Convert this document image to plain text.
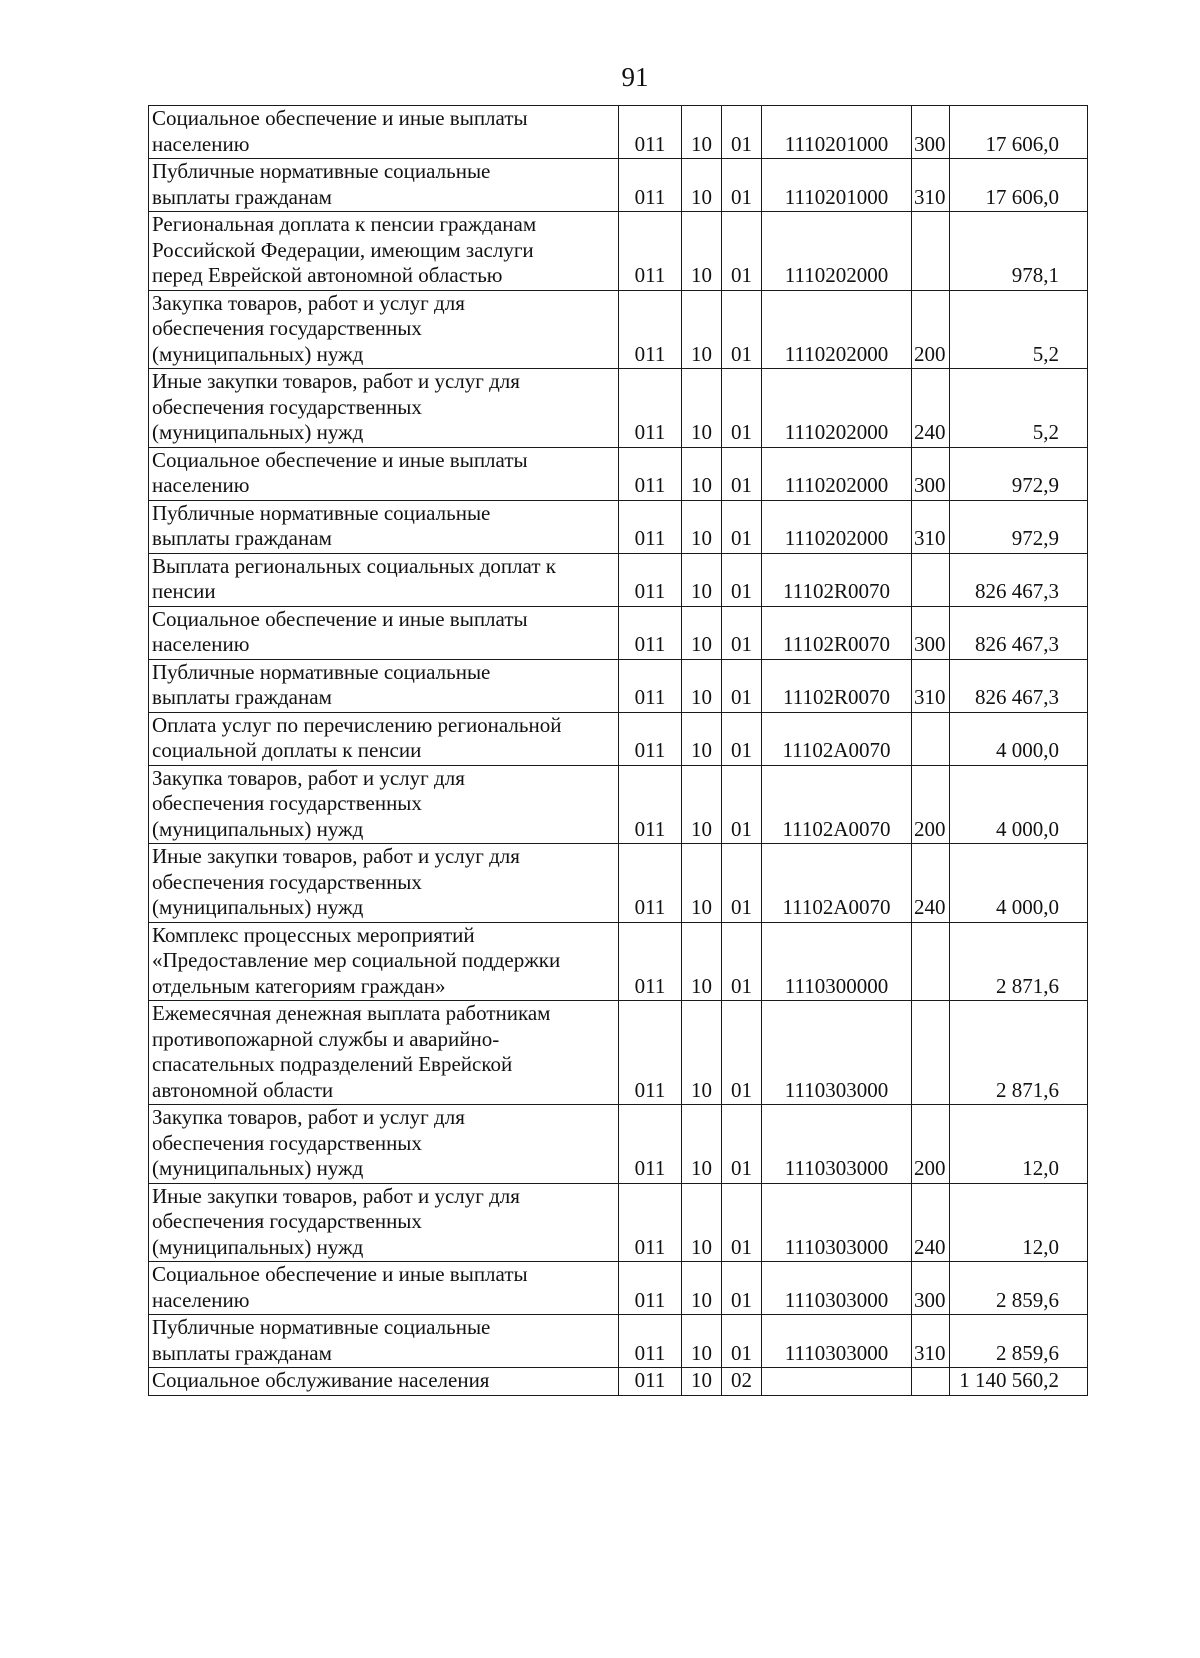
91
Социальное обеспечение и иные выплаты
населению	011	10	01	1110201000	300	17 606,0
Публичные нормативные социальные
выплаты гражданам	011	10	01	1110201000	310	17 606,0
Региональная доплата к пенсии гражданам
Российской Федерации, имеющим заслуги
перед Еврейской автономной областью	011	10	01	1110202000		978,1
Закупка товаров, работ и услуг для
обеспечения государственных
(муниципальных) нужд	011	10	01	1110202000	200	5,2
Иные закупки товаров, работ и услуг для
обеспечения государственных
(муниципальных) нужд	011	10	01	1110202000	240	5,2
Социальное обеспечение и иные выплаты
населению	011	10	01	1110202000	300	972,9
Публичные нормативные социальные
выплаты гражданам	011	10	01	1110202000	310	972,9
Выплата региональных социальных доплат к
пенсии	011	10	01	11102R0070		826 467,3
Социальное обеспечение и иные выплаты
населению	011	10	01	11102R0070	300	826 467,3
Публичные нормативные социальные
выплаты гражданам	011	10	01	11102R0070	310	826 467,3
Оплата услуг по перечислению региональной
социальной доплаты к пенсии	011	10	01	11102A0070		4 000,0
Закупка товаров, работ и услуг для
обеспечения государственных
(муниципальных) нужд	011	10	01	11102A0070	200	4 000,0
Иные закупки товаров, работ и услуг для
обеспечения государственных
(муниципальных) нужд	011	10	01	11102A0070	240	4 000,0
Комплекс процессных мероприятий
«Предоставление мер социальной поддержки
отдельным категориям граждан»	011	10	01	1110300000		2 871,6
Ежемесячная денежная выплата работникам
противопожарной службы и аварийно-
спасательных подразделений Еврейской
автономной области	011	10	01	1110303000		2 871,6
Закупка товаров, работ и услуг для
обеспечения государственных
(муниципальных) нужд	011	10	01	1110303000	200	12,0
Иные закупки товаров, работ и услуг для
обеспечения государственных
(муниципальных) нужд	011	10	01	1110303000	240	12,0
Социальное обеспечение и иные выплаты
населению	011	10	01	1110303000	300	2 859,6
Публичные нормативные социальные
выплаты гражданам	011	10	01	1110303000	310	2 859,6
Социальное обслуживание населения	011	10	02			1 140 560,2
